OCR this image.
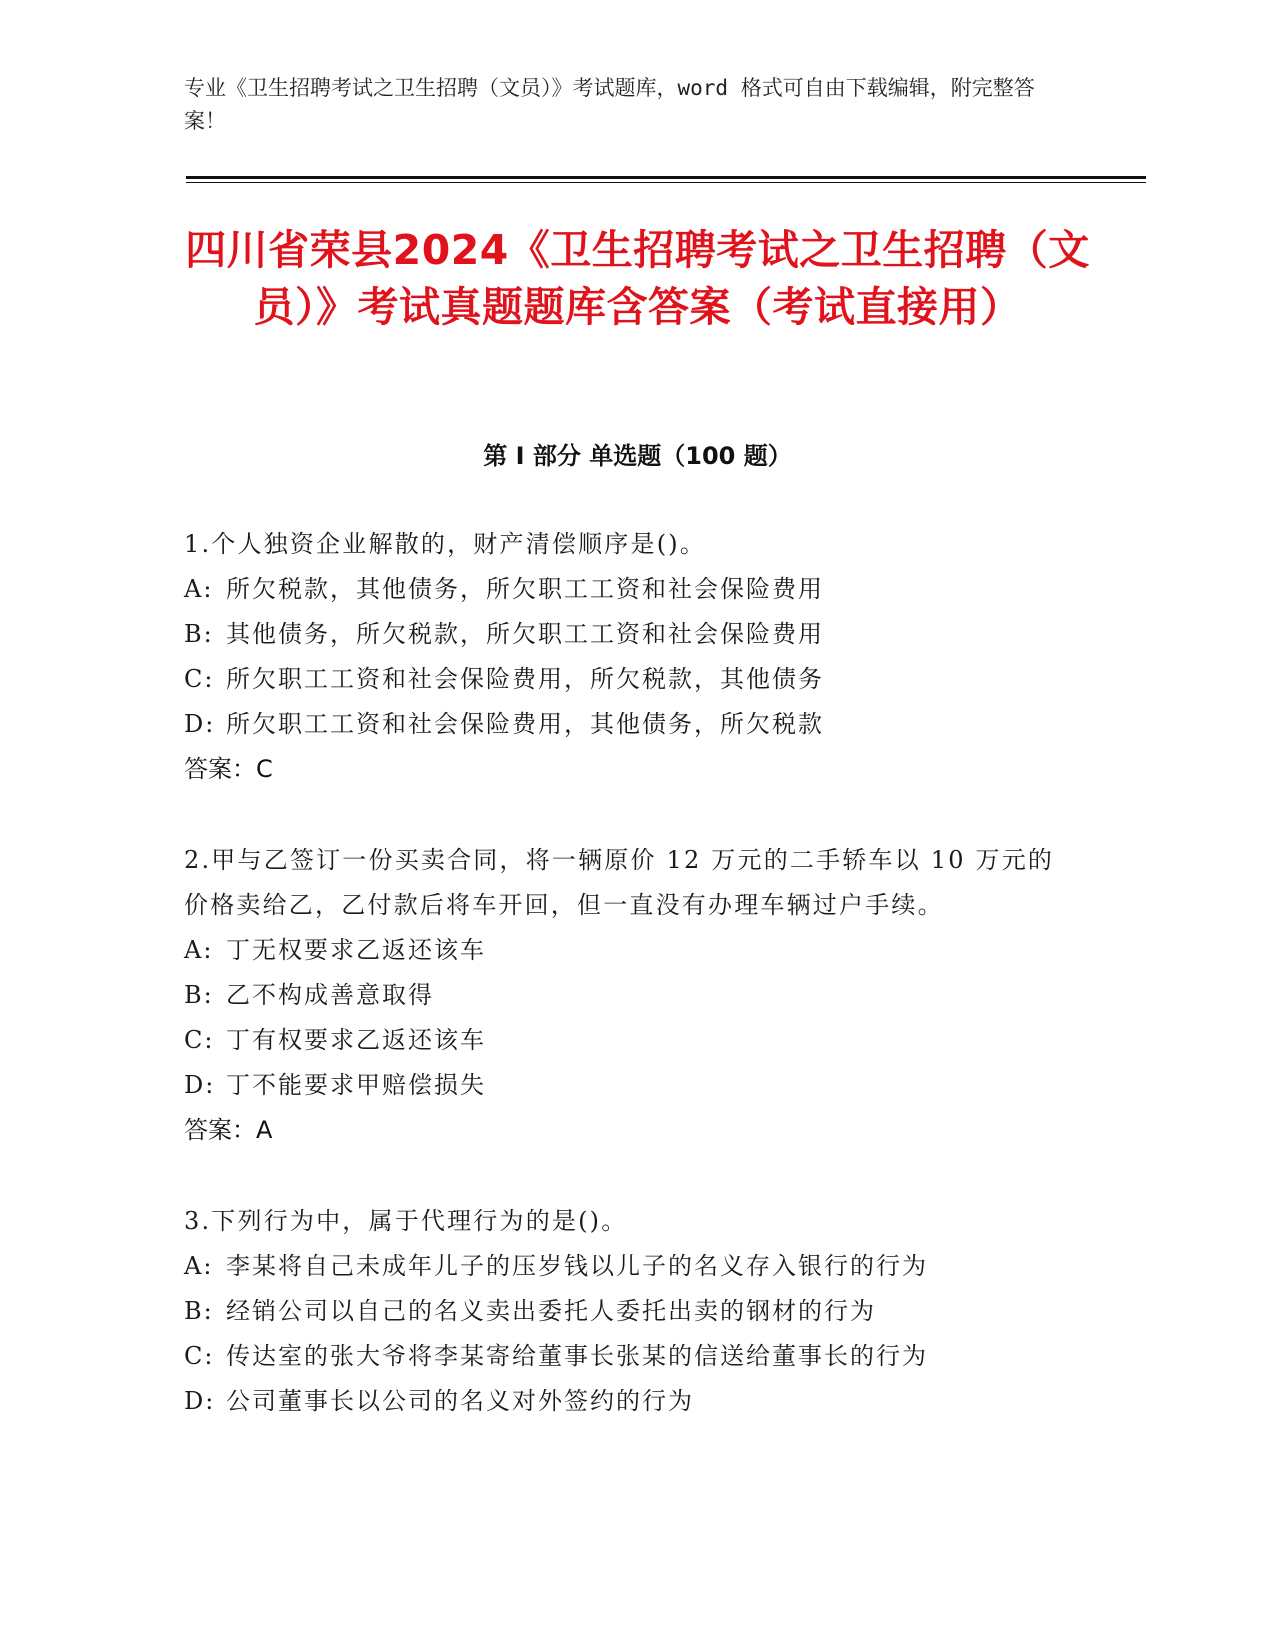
专业《卫生招聘考试之卫生招聘（文员）》考试题库，word 格式可自由下载编辑，附完整答案！
四川省荣县2024《卫生招聘考试之卫生招聘（文员）》考试真题题库含答案（考试直接用）
第 I 部分 单选题（100 题）
1.个人独资企业解散的，财产清偿顺序是()。
A: 所欠税款，其他债务，所欠职工工资和社会保险费用
B: 其他债务，所欠税款，所欠职工工资和社会保险费用
C: 所欠职工工资和社会保险费用，所欠税款，其他债务
D: 所欠职工工资和社会保险费用，其他债务，所欠税款
答案：C
2.甲与乙签订一份买卖合同，将一辆原价 12 万元的二手轿车以 10 万元的价格卖给乙，乙付款后将车开回，但一直没有办理车辆过户手续。
A: 丁无权要求乙返还该车
B: 乙不构成善意取得
C: 丁有权要求乙返还该车
D: 丁不能要求甲赔偿损失
答案：A
3.下列行为中，属于代理行为的是()。
A: 李某将自己未成年儿子的压岁钱以儿子的名义存入银行的行为
B: 经销公司以自己的名义卖出委托人委托出卖的钢材的行为
C: 传达室的张大爷将李某寄给董事长张某的信送给董事长的行为
D: 公司董事长以公司的名义对外签约的行为
